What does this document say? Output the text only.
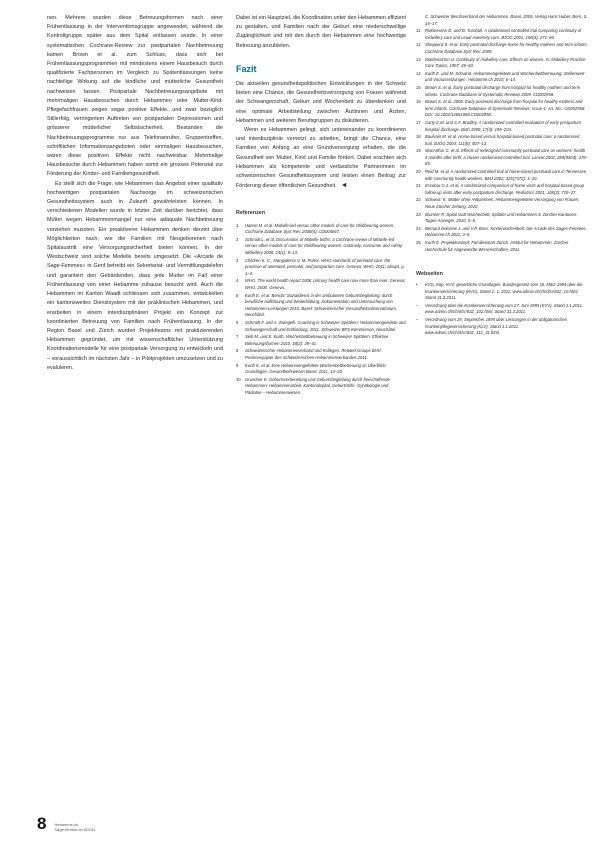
nen. Mehrere wurden diese Betreuungsformen nach einer Frühentlassung in der Interventionsgruppe angewendet, während die Kontrollgruppe später aus dem Spital entlassen wurde. In einer systematischen Cochrane-Review zur postpartalen Nachbetreuung kamen Brown et al. zum Schluss, dass sich bei Frühentlassungsprogrammen mit mindestens einem Hausbesuch durch qualifizierte Fachpersonen im Vergleich zu Spätentlassungen keine nachteilige Wirkung auf die kindliche und mütterliche Gesundheit nachweisen lassen. Postpartale Nachbetreuungsangebote mit mehrmaligen Hausbesuchen durch Hebammen oder Mutter-Kind-Pflegefachfrauen zeigen sogar positive Effekte, und zwar bezüglich Stillerfolg, verringertem Auftreten von postpartalen Depressionen und grösserer mütterlicher Selbstsicherheit. Bestanden die Nachbetreuungsprogramme nur aus Telefonanrufen, Gruppentreffen, schriftlichen Informationsangeboten oder einmaligen Hausbesuchen, waren diese positiven Effekte nicht nachweisbar. Mehrmalige Hausbesuche durch Hebammen haben somit ein grosses Potenzial zur Förderung der Kinder- und Familiengesundheit.

Es stellt sich die Frage, wie Hebammen das Angebot einer qualitativ hochwertigen postpartalen Nachsorge im schweizerischen Gesundheitssystem auch in Zukunft gewährleisten können. In verschiedenen Modellen wurde in letzter Zeit darüber berichtet, dass Mütter wegen Hebammenmangel nur eine adäquate Nachbetreuung vorziehen mussten. Ein proaktiverer Hebammen denken derzeit über Möglichkeiten nach, wie die Familien mit Neugeborenen nach Spitalaustritt eine Versorgungssicherheit bieten können. In der Westschweiz sind solche Modelle bereits umgesetzt. Die «Arcade de Sage-Femmes» in Genf betreibt ein Sekretariat- und Vermittlungstelefon und garantiert den Gebärdenden, dass jede Mutter im Fall einer Frühentlassung von einer Hebamme zuhause besucht wird. Auch die Hebammen im Kanton Waadt schliessen sich zusammen, entwickelten ein kantonsweites Dienstsystem mit der präklinischen Hebammen, und erarbeiten in einem interdisziplinären Projekt ein Konzept zur koordinierten Betreuung von Familien nach Frühentlassung. In der Region Basel und Zürich wurden Projektteams mit praktizierenden Hebammen gegründet, um mit wissenschaftlicher Unterstützung Koordinationsmodelle für eine postpartale Versorgung zu entwickeln und – voraussichtlich im nächsten Jahr – in Pilotprojekten umzusetzen und zu evaluieren.

Dabei ist ein Hauptziel, die Koordination unter den Hebammen effizient zu gestalten, und Familien nach der Geburt eine niederschwellige Zugänglichkeit und mit den durch den Hebammen eine hochwertige Betreuung anzubieten.

Fazit

Die aktuellen gesundheitspolitischen Entwicklungen in der Schweiz bieten eine Chance, die Gesundheitsversorgung von Frauen während der Schwangerschaft, Geburt und Wochenbett zu überdenken und eine optimale Arbeitsteilung zwischen Ärztinnen und Ärzten, Hebammen und weiteren Berufsgruppen zu diskutieren.

Wenn es Hebammen gelingt, sich untereinander zu koordinieren und interdisziplinär vernetzt zu arbeiten, bringt die Chance, eine Familien von Anfang an eine Grundversorgung erhalten, die die Gesundheit von Mutter, Kind und Familie fördert. Dabei erachten sich Hebammen als kompetente und verlässliche Partnerinnen im schweizerischen Gesundheitssystem und leisten einen Beitrag zur Förderung dieser öffentlichen Gesundheit. ◄

Referenzen
1 Hatem M. et al. Midwife-led versus other models of care for childbearing women. Cochrane Database Syst Rev. 2008(4): CD004667.
2 Schmidt L. et al. Discussions of Midwife births: a Cochrane review of Midwife-led versus other models of care for childbearing women: continuity, consumer and safety. Midwifery 2008; 24(1): 8–13.
3 Children K. C., Mangiaterra V. M. Porter. WHO standards of perinatal care: the provision of antenatal, perinatal, and postpartum care. Geneva: WHO, 2011; abrupt. p. 1–4.
4 WHO. The world health report 2006: primary health care now more than ever. Geneva: WHO, 2008. Geneva.
5 Kurth E. et al. Bericht: Sozialdienst in der ambulanten Geburtsbegleitung, durch berufliche Aufklärung und Weiterbildung; Dokumentation und Untersuchung von Hebammen-Leistungen 2010. Basel: Schweizerischer Gesundheitsobservatorium, Neuchâtel.
6 Schmidt F. und A. Zwingelli. Coaching in Schweizer Spitälern: Hebammengeleitete und Schwangerschaft und Entbindung, 2011. Schweizer BFS Kommission, Neuchâtel.
7 Seib M. und E. Kurth. Wochenbettbetreuung in Schweizer Spitälern. Effektive Betreuungsformen 2010, 18(2): 39–41.
8 Schweizerischer Hebammenverband und Kollegen. Related Groups BHV: Positionspapier des Schweizerischen Hebammenverbandes 2011.
9 Kurth E. et al. Eine Hebammengeleitete Wochenbettbetreuung im Überblick: Grundlagen. Gesundheitswesen Basel, 2011, 14–20.
10 Grundner K. Geburtsvorbereitung und Geburtsbegleitung durch freischaffende Hebammen: Hebammenarbeit, Kantonalspital, Geburtshilfe, Gynäkologie und Pädiatrie – Hebammenwesen.
C. Schweizer Berufsverband der Hebammen. Basel, 2006, Verlag Hans Huber, Bern. S. 15–17.
11 Riebenstein D. und D. Turnbull. A randomised controlled trial comparing continuity of midwifery care and usual maternity care. BJOG 2001, 108(3): 271–80.
12 Shepperd S. et al. Early postnatal discharge home for healthy mothers and term infants. Cochrane Database Syst Rev. 2009.
13 Waldenström U. Continuity of midwifery care. Effects on women. In: Midwifery Practice: Core Topics, 1997: 39–60.
14 Kurth E. und M. Schwind. Hebammengeleitete und Wochenbettbetreuung: Stellenwert und Voraussetzungen. Hebamme.ch 2010; 6–14.
15 Brown S. et al. Early postnatal discharge from hospital for healthy mothers and term infants. Cochrane Database of Systematic Reviews 2009, CD002958.
16 Brown S. et al. 2008. Early postnatal discharge from hospital for healthy mothers and term infants. Cochrane Database of Systematic Reviews, Issue 4. Art. No.: CD002958. DOI: 10.1002/14651858.CD002958.
17 Carty E.M. und C.F. Bradley. A randomized controlled evaluation of early postpartum hospital discharge. Birth 1990; 17(4): 199–204.
18 Boulvain M. et al. Home-based versus hospital-based postnatal care: a randomised trial. BJOG 2004; 111(8): 807–13.
19 MacArthur C. et al. Effects of redesigned community postnatal care on womens' health 4 months after birth: a cluster randomised controlled trial. Lancet 2002; 359(9304): 378–85.
20 Reid M. et al. A randomized controlled trial of home-based postnatal care in Tennessee with community health workers. BMJ 2002; 325(7372): 1–10.
21 Escobar G.J. et al. A randomized comparison of home visits and hospital-based group follow-up visits after early postpartum discharge. Pediatrics 2001; 108(3): 719–27.
22 Schweiz. K. Mütter ohne Hebammen: Hebammengeleitete Versorgung von Frauen: Neue Zürcher Zeitung, 2010.
23 Brunner R. Spital statt Wochenbett: Spitäler und Hebammen in Zürcher Kantonen: Tages-Anzeiger, 2010; 5–6.
24 Bernard Delorme J. und V.P. Bass. Kinderwochenbett: Die Arcade des Sages-Femmes. Hebamme.ch 2011; 3–5.
25 Kurth E. Projektkonzept: Familienstart Zürich. Institut für Hebammen, Zürcher Hochschule für Angewandte Wissenschaften, 2011.
Webseiten
• KVG, Küp, KVV. gesetzliche Grundlagen: Bundesgesetz vom 18. März 1994 über die Krankenversicherung (KVG), Stand 1. 1. 2011. www.admin.ch/ch/d/sr/832_10.html, Stand 31.3.2011.
– Verordnung über die Krankenversicherung vom 27. Juni 1995 (KVV), Stand 1.1.2011. www.admin.ch/ch/d/sr/832_102.html, Stand 31.3.2011.
– Verordnung vom 29. September 1995 über Leistungen in der obligatorischen Krankenpflegeversicherung (KLV), Stand 1.1.2011. www.admin.ch/ch/d/sr/832_112_31.html.
8 Hebamme.ch
Sage-femme.ch 5/2011
